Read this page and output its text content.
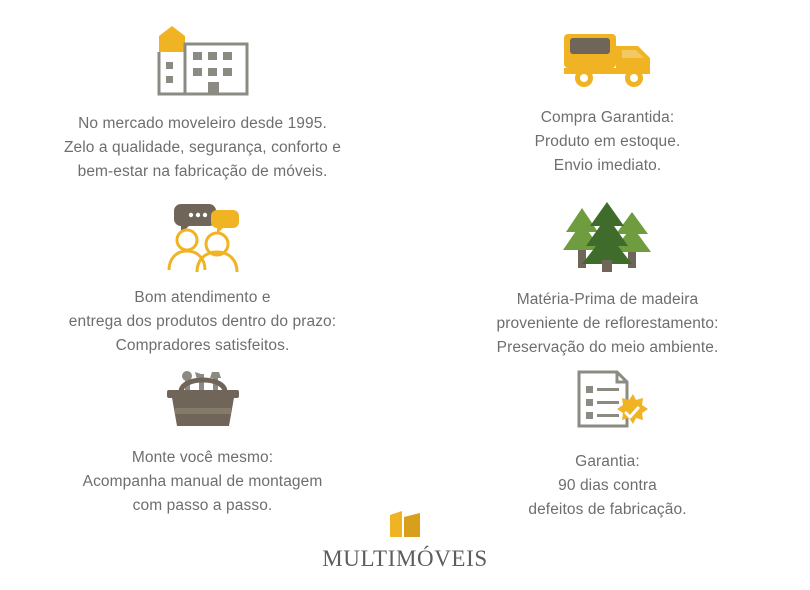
No mercado moveleiro desde 1995.
Zelo a qualidade, segurança, conforto e
bem-estar na fabricação de móveis.
Compra Garantida:
Produto em estoque.
Envio imediato.
Bom atendimento e
entrega dos produtos dentro do prazo:
Compradores satisfeitos.
Matéria-Prima de madeira
proveniente de reflorestamento:
Preservação do meio ambiente.
Monte você mesmo:
Acompanha manual de montagem
com passo a passo.
Garantia:
90 dias contra
defeitos de fabricação.
MULTIMÓVEIS
